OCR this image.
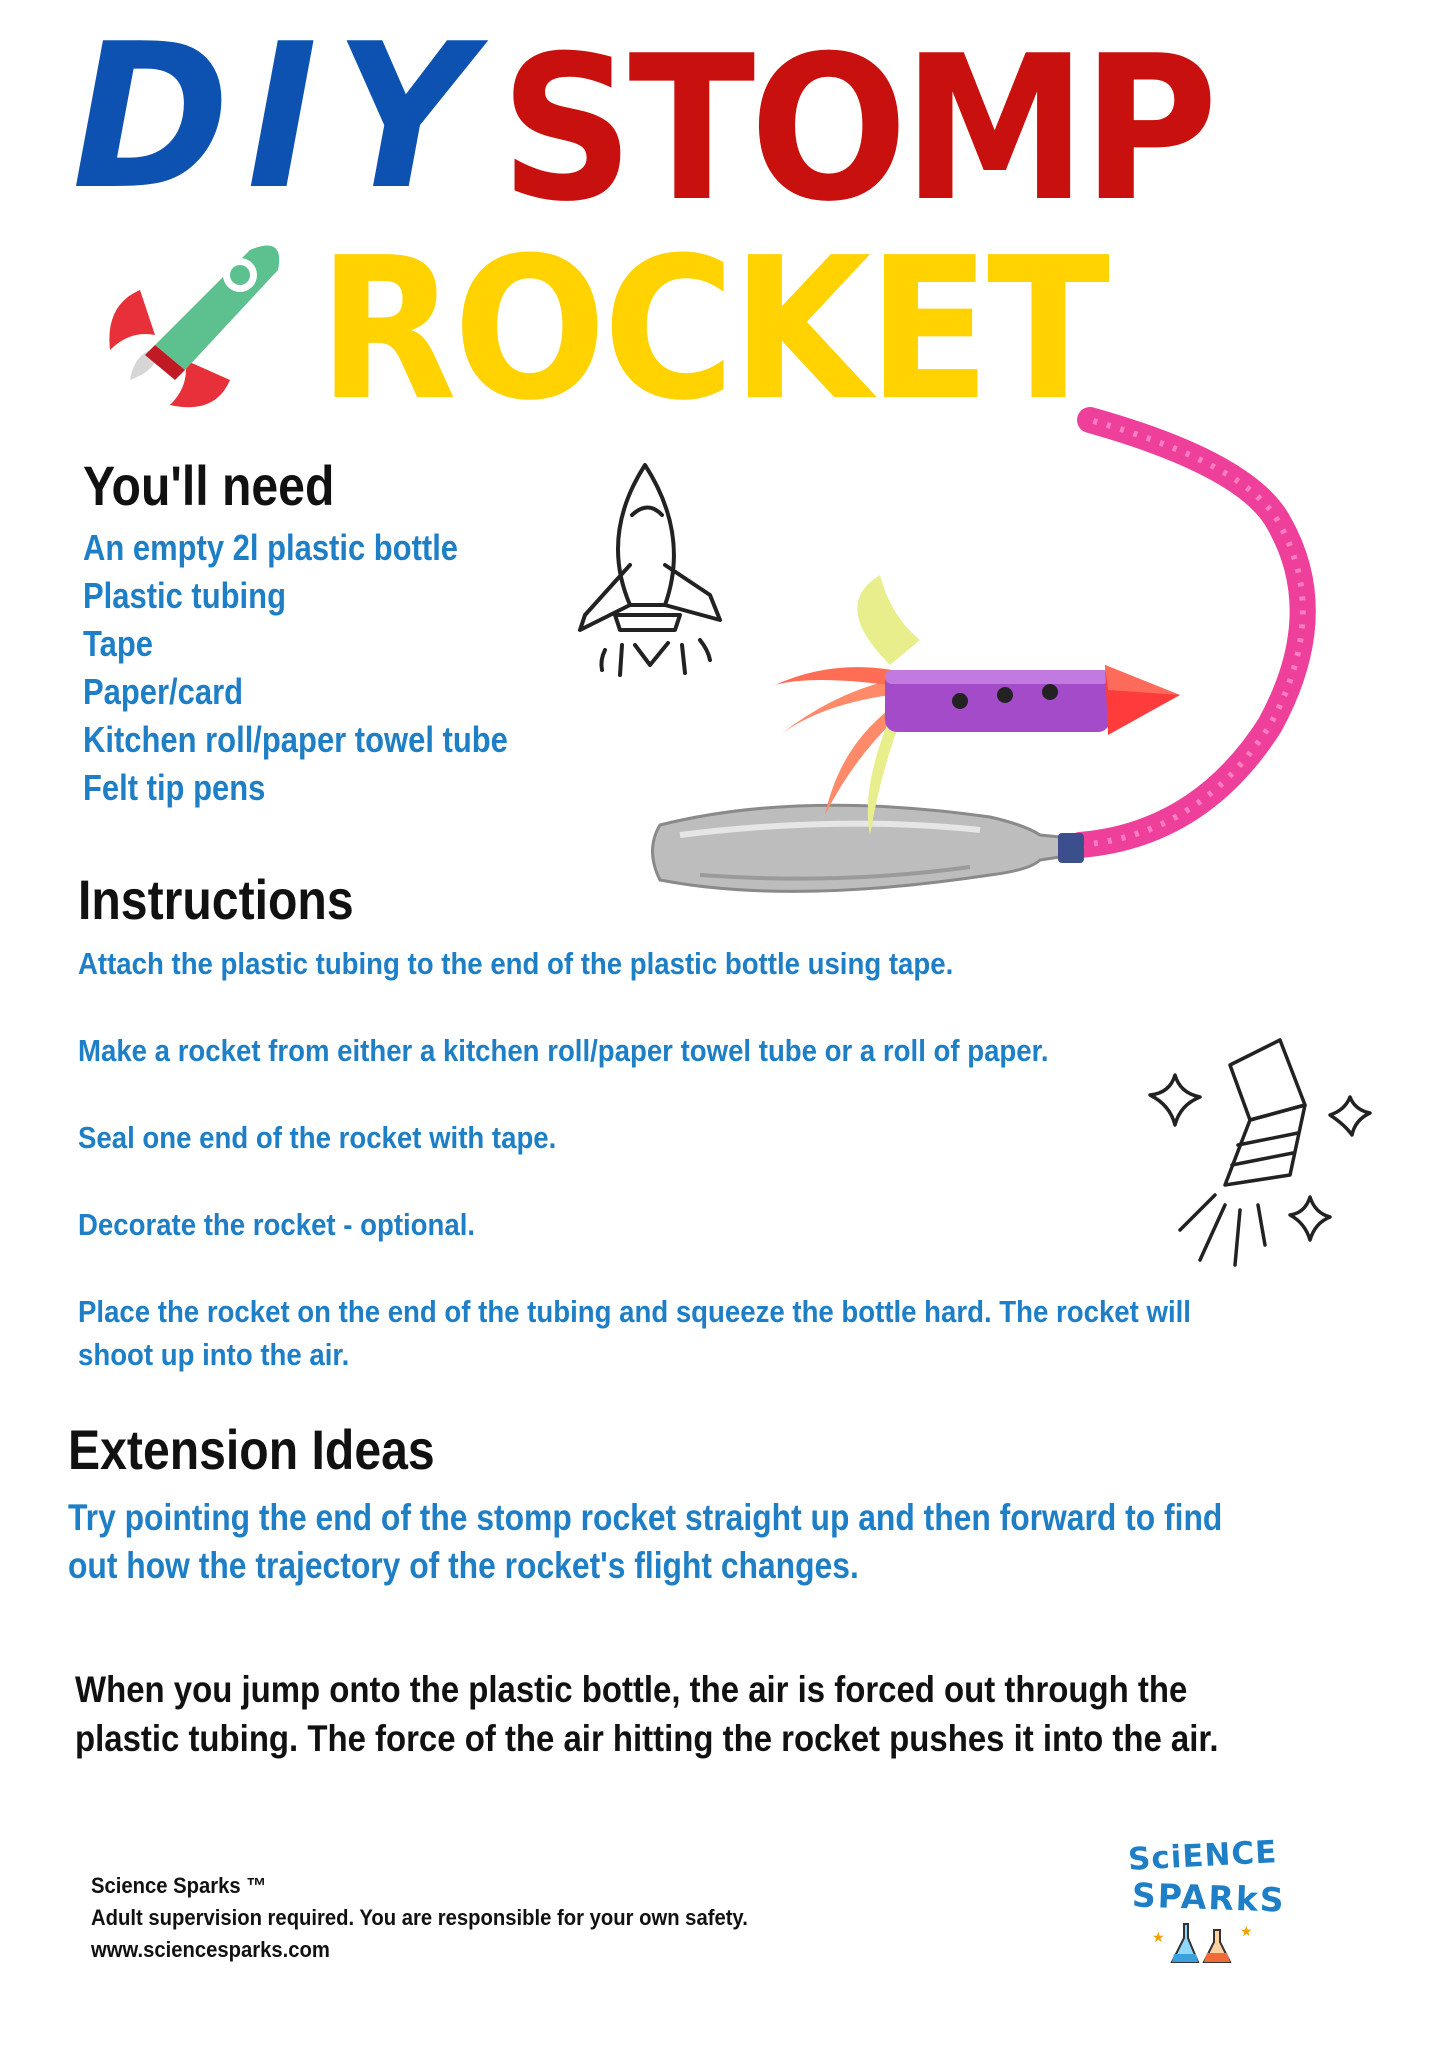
DIY STOMP
ROCKET
You'll need
An empty 2l plastic bottle
Plastic tubing
Tape
Paper/card
Kitchen roll/paper towel tube
Felt tip pens
Instructions
Attach the plastic tubing to the end of the plastic bottle using tape.
Make a rocket from either a kitchen roll/paper towel tube or a roll of paper.
Seal one end of the rocket with tape.
Decorate the rocket - optional.
Place the rocket on the end of the tubing and squeeze the bottle hard. The rocket will
shoot up into the air.
Extension Ideas
Try pointing the end of the stomp rocket straight up and then forward to find
out how the trajectory of the rocket's flight changes.
When you jump onto the plastic bottle, the air is forced out through the
plastic tubing. The force of the air hitting the rocket pushes it into the air.
Science Sparks ™
Adult supervision required. You are responsible for your own safety.
www.sciencesparks.com
SciENCE
SPARkS
★	★
